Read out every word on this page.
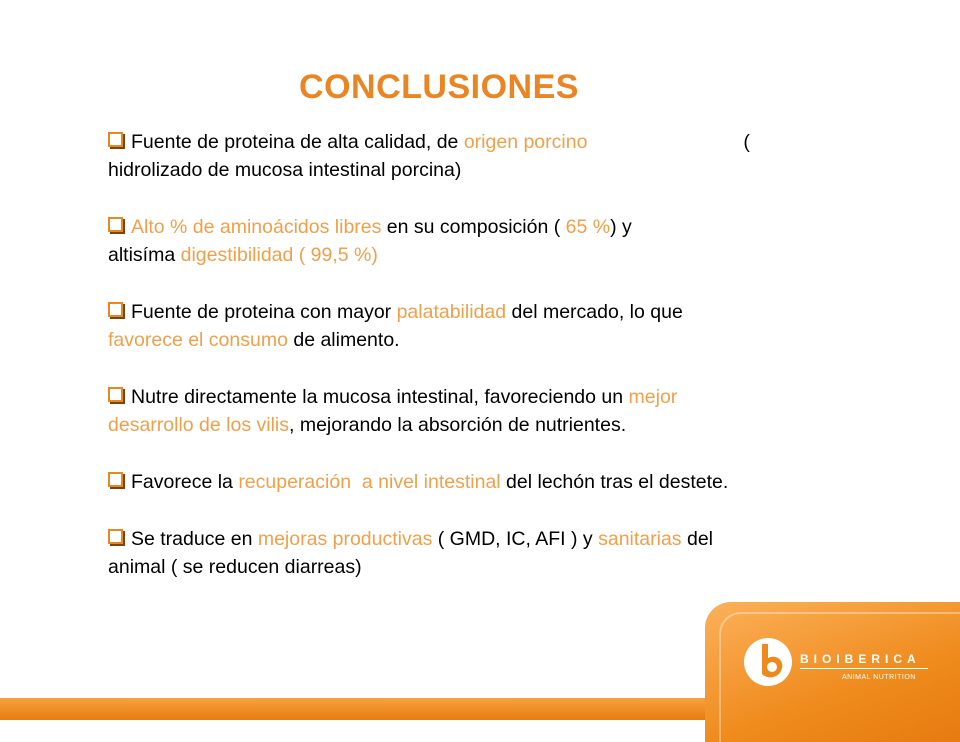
CONCLUSIONES
Fuente de proteina de alta calidad, de origen porcino	(
hidrolizado de mucosa intestinal porcina)
Alto % de aminoácidos libres en su composición ( 65 %) y
altisíma digestibilidad ( 99,5 %)
Fuente de proteina con mayor palatabilidad del mercado, lo que
favorece el consumo de alimento.
Nutre directamente la mucosa intestinal, favoreciendo un mejor
desarrollo de los vilis, mejorando la absorción de nutrientes.
Favorece la recuperación  a nivel intestinal del lechón tras el destete.
Se traduce en mejoras productivas ( GMD, IC, AFI ) y sanitarias del
animal ( se reducen diarreas)
BIOIBERICA
ANIMAL NUTRITION
